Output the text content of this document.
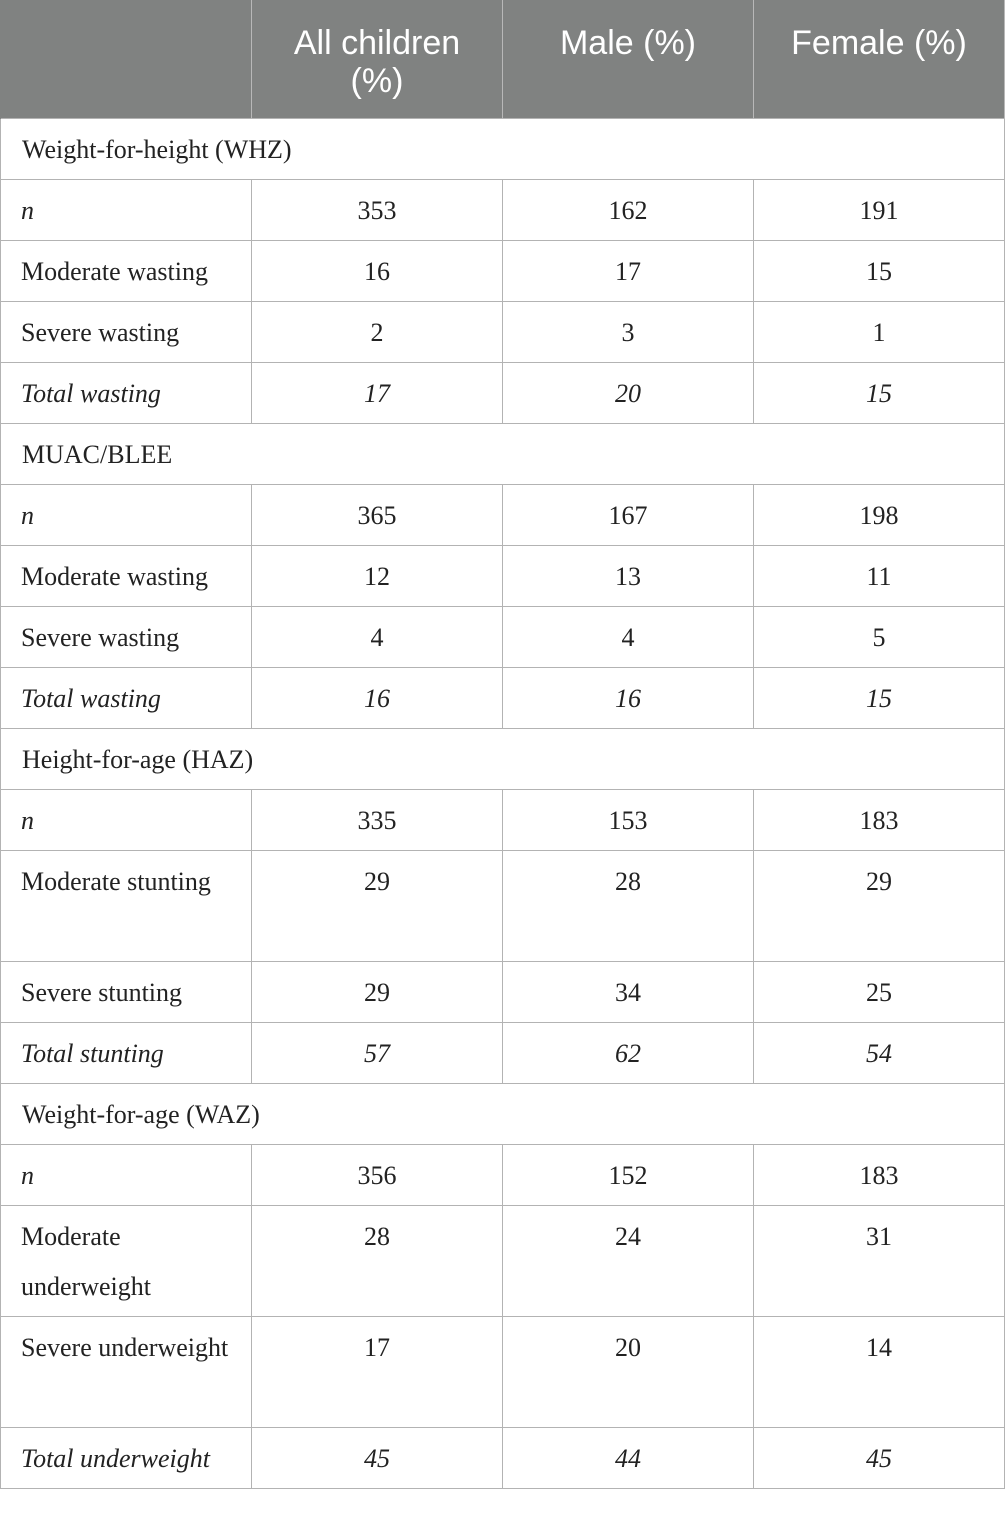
	All children (%)	Male (%)	Female (%)
Weight-for-height (WHZ)			
n	353	162	191
Moderate wasting	16	17	15
Severe wasting	2	3	1
Total wasting	17	20	15
MUAC/BLEE			
n	365	167	198
Moderate wasting	12	13	11
Severe wasting	4	4	5
Total wasting	16	16	15
Height-for-age (HAZ)			
n	335	153	183
Moderate stunting	29	28	29
Severe stunting	29	34	25
Total stunting	57	62	54
Weight-for-age (WAZ)			
n	356	152	183
Moderate underweight	28	24	31
Severe underweight	17	20	14
Total underweight	45	44	45
